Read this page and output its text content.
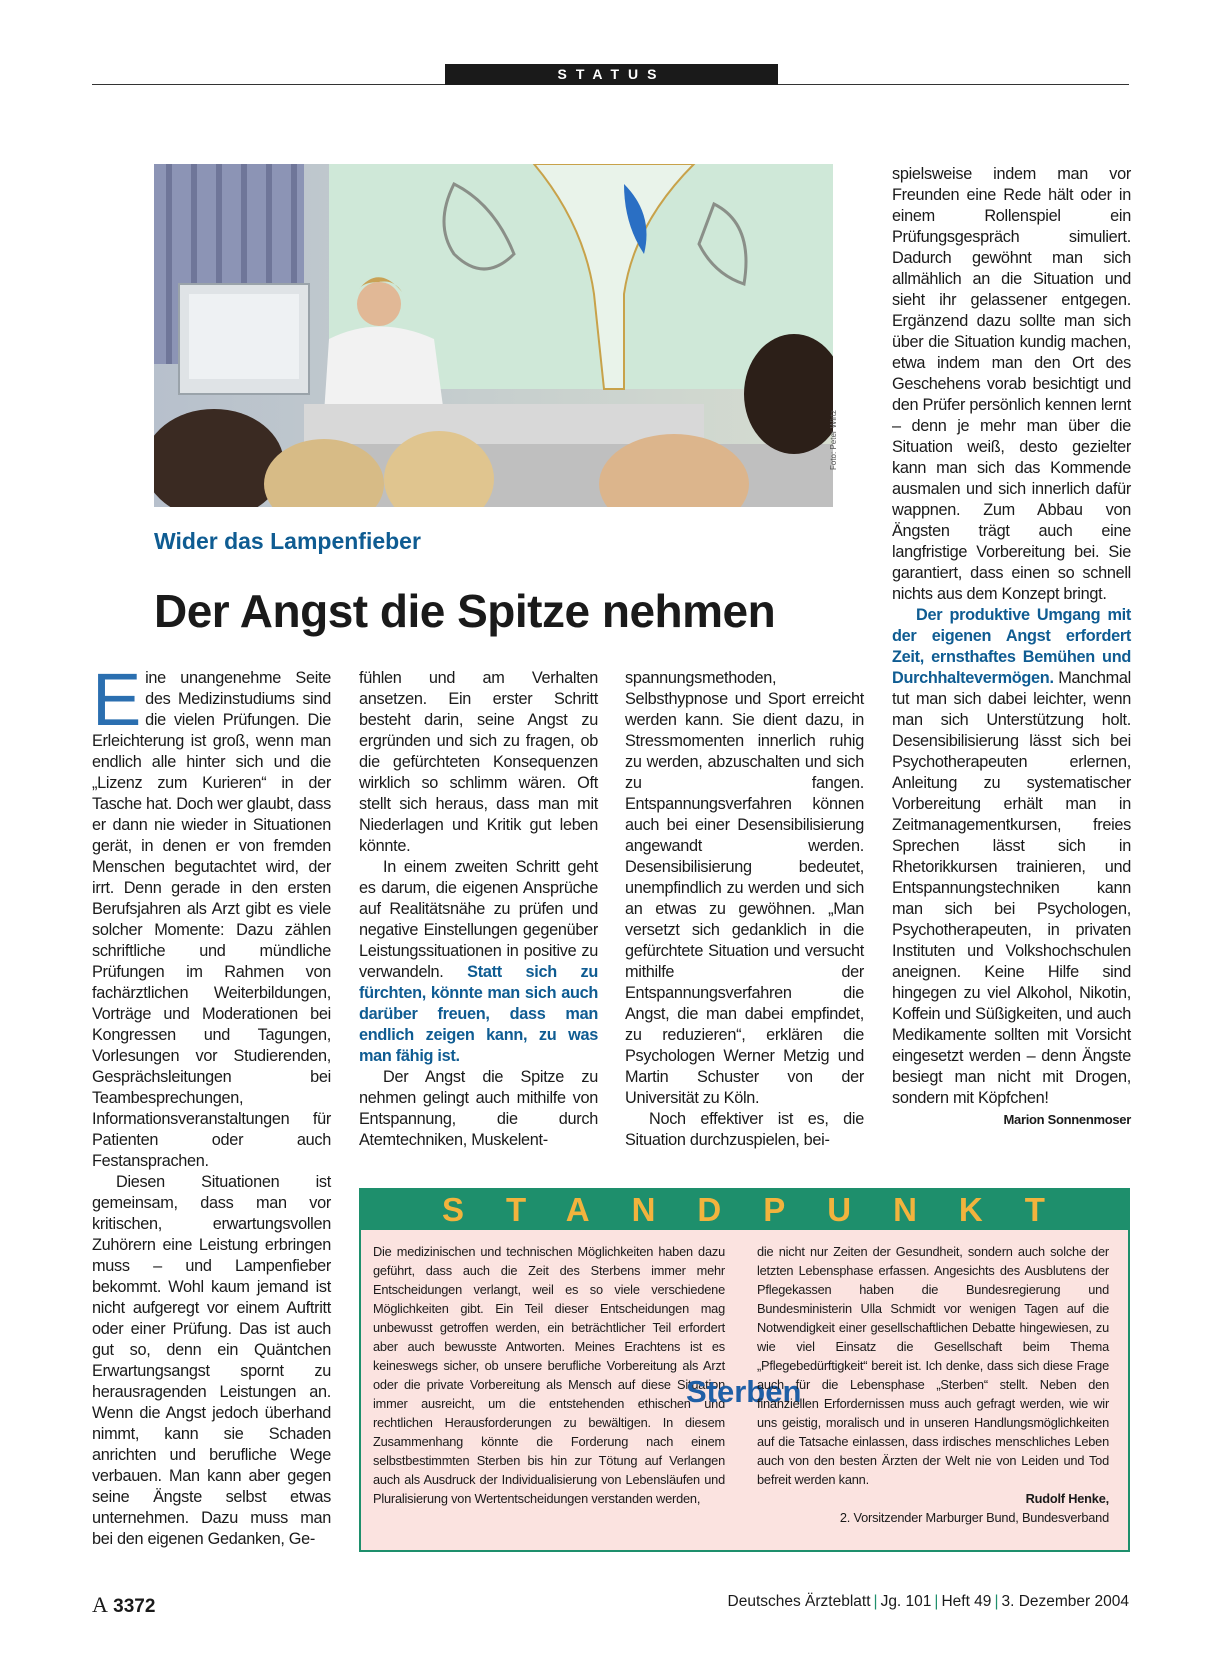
STATUS
Foto: Peter Wirtz
Wider das Lampenfieber
Der Angst die Spitze nehmen

Eine unangenehme Seite des Medizinstudiums sind die vielen Prüfungen. Die Erleichterung ist groß, wenn man endlich alle hinter sich und die „Lizenz zum Kurieren“ in der Tasche hat. Doch wer glaubt, dass er dann nie wieder in Situationen gerät, in denen er von fremden Menschen begutachtet wird, der irrt. Denn gerade in den ersten Berufsjahren als Arzt gibt es viele solcher Momente: Dazu zählen schriftliche und mündliche Prüfungen im Rahmen von fachärztlichen Weiterbildungen, Vorträge und Moderationen bei Kongressen und Tagungen, Vorlesungen vor Studierenden, Gesprächsleitungen bei Teambesprechungen, Informationsveranstaltungen für Patienten oder auch Festansprachen.

Diesen Situationen ist gemeinsam, dass man vor kritischen, erwartungsvollen Zuhörern eine Leistung erbringen muss – und Lampenfieber bekommt. Wohl kaum jemand ist nicht aufgeregt vor einem Auftritt oder einer Prüfung. Das ist auch gut so, denn ein Quäntchen Erwartungsangst spornt zu herausragenden Leistungen an. Wenn die Angst jedoch überhand nimmt, kann sie Schaden anrichten und berufliche Wege verbauen. Man kann aber gegen seine Ängste selbst etwas unternehmen. Dazu muss man bei den eigenen Gedanken, Ge-

fühlen und am Verhalten ansetzen. Ein erster Schritt besteht darin, seine Angst zu ergründen und sich zu fragen, ob die gefürchteten Konsequenzen wirklich so schlimm wären. Oft stellt sich heraus, dass man mit Niederlagen und Kritik gut leben könnte.

In einem zweiten Schritt geht es darum, die eigenen Ansprüche auf Realitätsnähe zu prüfen und negative Einstellungen gegenüber Leistungssituationen in positive zu verwandeln. Statt sich zu fürchten, könnte man sich auch darüber freuen, dass man endlich zeigen kann, zu was man fähig ist.

Der Angst die Spitze zu nehmen gelingt auch mithilfe von Entspannung, die durch Atemtechniken, Muskelent-

spannungsmethoden, Selbsthypnose und Sport erreicht werden kann. Sie dient dazu, in Stressmomenten innerlich ruhig zu werden, abzuschalten und sich zu fangen. Entspannungsverfahren können auch bei einer Desensibilisierung angewandt werden. Desensibilisierung bedeutet, unempfindlich zu werden und sich an etwas zu gewöhnen. „Man versetzt sich gedanklich in die gefürchtete Situation und versucht mithilfe der Entspannungsverfahren die Angst, die man dabei empfindet, zu reduzieren“, erklären die Psychologen Werner Metzig und Martin Schuster von der Universität zu Köln.

Noch effektiver ist es, die Situation durchzuspielen, bei-

spielsweise indem man vor Freunden eine Rede hält oder in einem Rollenspiel ein Prüfungsgespräch simuliert. Dadurch gewöhnt man sich allmählich an die Situation und sieht ihr gelassener entgegen. Ergänzend dazu sollte man sich über die Situation kundig machen, etwa indem man den Ort des Geschehens vorab besichtigt und den Prüfer persönlich kennen lernt – denn je mehr man über die Situation weiß, desto gezielter kann man sich das Kommende ausmalen und sich innerlich dafür wappnen. Zum Abbau von Ängsten trägt auch eine langfristige Vorbereitung bei. Sie garantiert, dass einen so schnell nichts aus dem Konzept bringt.

Der produktive Umgang mit der eigenen Angst erfordert Zeit, ernsthaftes Bemühen und Durchhaltevermögen. Manchmal tut man sich dabei leichter, wenn man sich Unterstützung holt. Desensibilisierung lässt sich bei Psychotherapeuten erlernen, Anleitung zu systematischer Vorbereitung erhält man in Zeitmanagementkursen, freies Sprechen lässt sich in Rhetorikkursen trainieren, und Entspannungstechniken kann man sich bei Psychologen, Psychotherapeuten, in privaten Instituten und Volkshochschulen aneignen. Keine Hilfe sind hingegen zu viel Alkohol, Nikotin, Koffein und Süßigkeiten, und auch Medikamente sollten mit Vorsicht eingesetzt werden – denn Ängste besiegt man nicht mit Drogen, sondern mit Köpfchen!
Marion Sonnenmoser

STANDPUNKT
Die medizinischen und technischen Möglichkeiten haben dazu geführt, dass auch die Zeit des Sterbens immer mehr Entscheidungen verlangt, weil es so viele verschiedene Möglichkeiten gibt. Ein Teil dieser Entscheidungen mag unbewusst getroffen werden, ein beträchtlicher Teil erfordert aber auch bewusste Antworten. Meines Erachtens ist es keineswegs sicher, ob unsere berufliche Vorbereitung als Arzt oder die private Vorbereitung als Mensch auf diese Situation immer ausreicht, um die entstehenden ethischen und rechtlichen Herausforderungen zu bewältigen. In diesem Zusammenhang könnte die Forderung nach einem selbstbestimmten Sterben bis hin zur Tötung auf Verlangen auch als Ausdruck der Individualisierung von Lebensläufen und Pluralisierung von Wertentscheidungen verstanden werden,
Sterben
die nicht nur Zeiten der Gesundheit, sondern auch solche der letzten Lebensphase erfassen. Angesichts des Ausblutens der Pflegekassen haben die Bundesregierung und Bundesministerin Ulla Schmidt vor wenigen Tagen auf die Notwendigkeit einer gesellschaftlichen Debatte hingewiesen, zu wie viel Einsatz die Gesellschaft beim Thema „Pflegebedürftigkeit“ bereit ist. Ich denke, dass sich diese Frage auch für die Lebensphase „Sterben“ stellt. Neben den finanziellen Erfordernissen muss auch gefragt werden, wie wir uns geistig, moralisch und in unseren Handlungsmöglichkeiten auf die Tatsache einlassen, dass irdisches menschliches Leben auch von den besten Ärzten der Welt nie von Leiden und Tod befreit werden kann.
Rudolf Henke,
2. Vorsitzender Marburger Bund, Bundesverband
A 3372	Deutsches Ärzteblatt | Jg. 101 | Heft 49 | 3. Dezember 2004
